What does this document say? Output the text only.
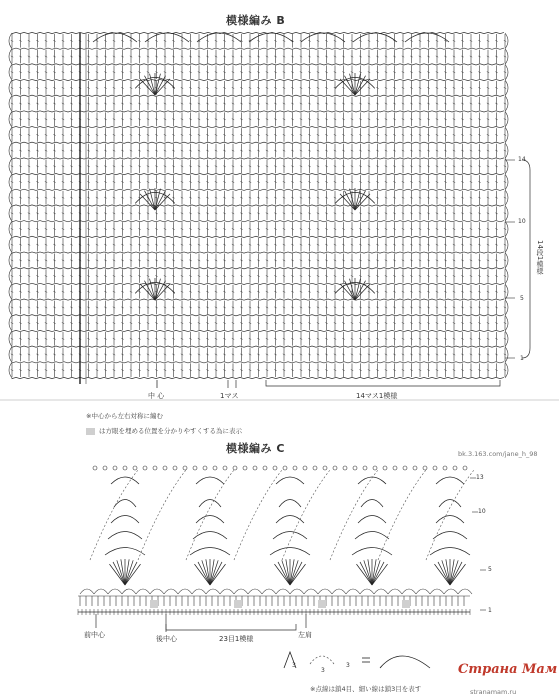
模様編み B
中 心	1マス	14マス1模様
14
10
5
1
14段1模様
※中心から左右対称に編む
は方眼を埋める位置を分かりやすくする為に表示
模様編み C
前中心	後中心	23目1模様	左肩
13
10
5
1
3
3
3
※点線は鎖4目、細い線は鎖3目を表す
bk.3.163.com/jane_h_98
Страна Мам
stranamam.ru
